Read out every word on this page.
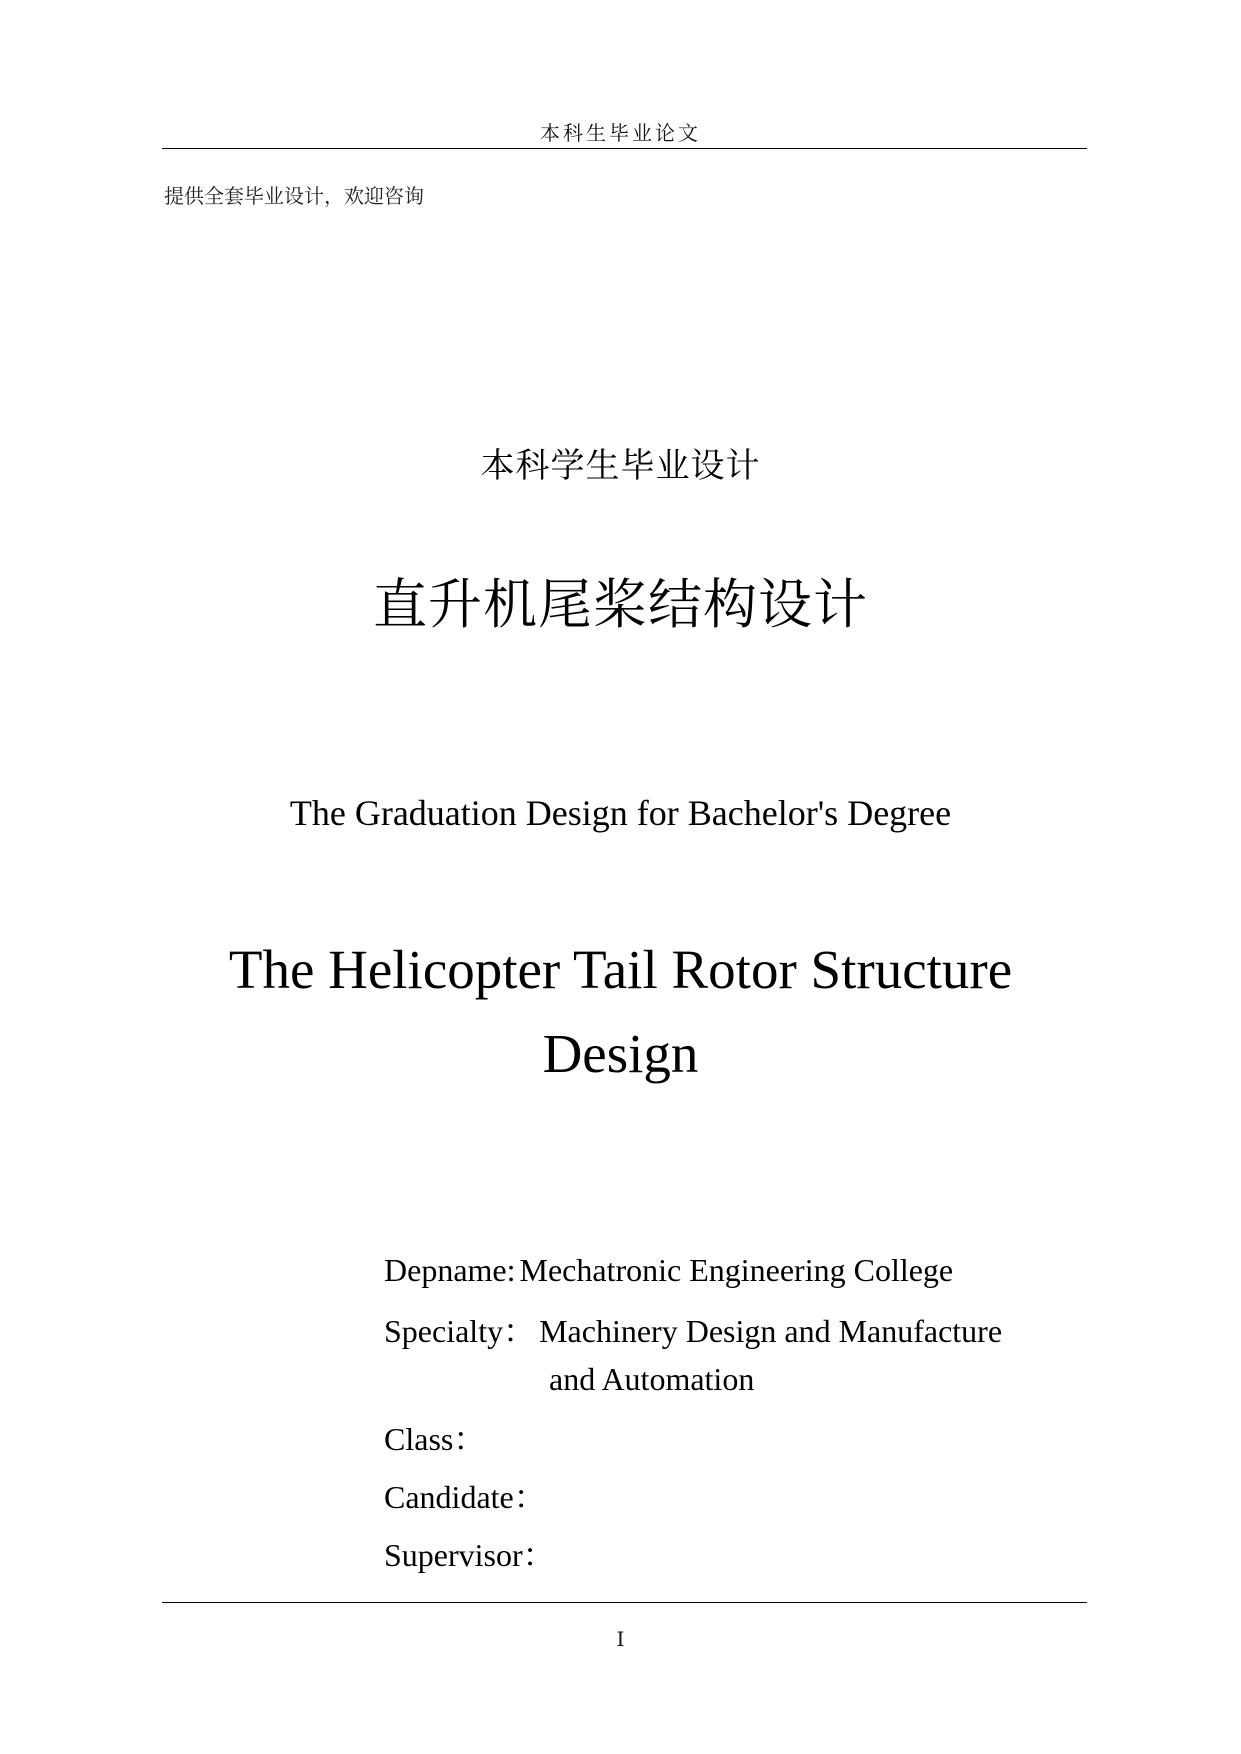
本科生毕业论文
提供全套毕业设计，欢迎咨询
本科学生毕业设计
直升机尾桨结构设计
The Graduation Design for Bachelor's Degree
The Helicopter Tail Rotor Structure Design
Depname: Mechatronic Engineering College
Specialty： Machinery Design and Manufacture
and Automation
Class：
Candidate：
Supervisor：
I
